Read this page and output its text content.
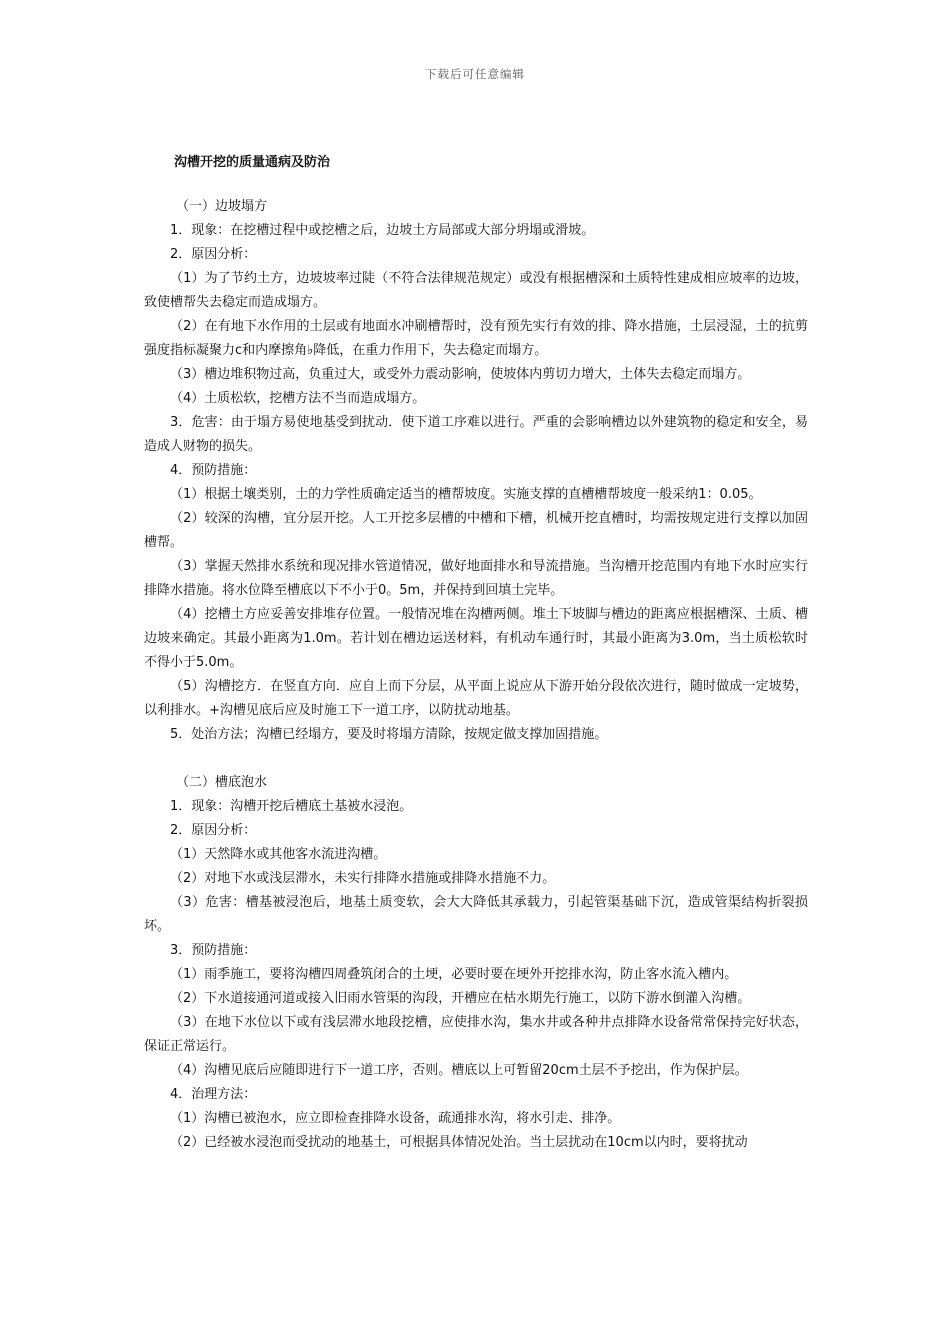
下载后可任意编辑
沟槽开挖的质量通病及防治

（一）边坡塌方

1．现象：在挖槽过程中或挖槽之后，边坡土方局部或大部分坍塌或滑坡。

2．原因分析：

（1）为了节约土方，边坡坡率过陡（不符合法律规范规定）或没有根据槽深和土质特性建成相应坡率的边坡，致使槽帮失去稳定而造成塌方。

（2）在有地下水作用的土层或有地面水冲刷槽帮时，没有预先实行有效的排、降水措施，土层浸湿，土的抗剪强度指标凝聚力c和内摩擦角♭降低，在重力作用下，失去稳定而塌方。

（3）槽边堆积物过高，负重过大，或受外力震动影响，使坡体内剪切力增大，土体失去稳定而塌方。

（4）土质松软，挖槽方法不当而造成塌方。

3．危害：由于塌方易使地基受到扰动．使下道工序难以进行。严重的会影响槽边以外建筑物的稳定和安全，易造成人财物的损失。

4．预防措施：

（1）根据土壤类别，土的力学性质确定适当的槽帮坡度。实施支撑的直槽槽帮坡度一般采纳1：0.05。

（2）较深的沟槽，宜分层开挖。人工开挖多层槽的中槽和下槽，机械开挖直槽时，均需按规定进行支撑以加固槽帮。

（3）掌握天然排水系统和现况排水管道情况，做好地面排水和导流措施。当沟槽开挖范围内有地下水时应实行排降水措施。将水位降至槽底以下不小于0。5m，并保持到回填土完毕。

（4）挖槽土方应妥善安排堆存位置。一般情况堆在沟槽两侧。堆土下坡脚与槽边的距离应根据槽深、土质、槽边坡来确定。其最小距离为1.0m。若计划在槽边运送材料，有机动车通行时，其最小距离为3.0m，当土质松软时不得小于5.0m。

（5）沟槽挖方．在竖直方向．应自上而下分层，从平面上说应从下游开始分段依次进行，随时做成一定坡势，以利排水。+沟槽见底后应及时施工下一道工序，以防扰动地基。

5．处治方法；沟槽已经塌方，要及时将塌方清除，按规定做支撑加固措施。

（二）槽底泡水

1．现象：沟槽开挖后槽底土基被水浸泡。

2．原因分析：

（1）天然降水或其他客水流进沟槽。

（2）对地下水或浅层滞水，未实行排降水措施或排降水措施不力。

（3）危害：槽基被浸泡后，地基土质变软，会大大降低其承载力，引起管渠基础下沉，造成管渠结构折裂损坏。

3．预防措施：

（1）雨季施工，要将沟槽四周叠筑闭合的土埂，必要时要在埂外开挖排水沟，防止客水流入槽内。

（2）下水道接通河道或接入旧雨水管渠的沟段，开槽应在枯水期先行施工，以防下游水倒灌入沟槽。

（3）在地下水位以下或有浅层滞水地段挖槽，应使排水沟，集水井或各种井点排降水设备常常保持完好状态，保证正常运行。

（4）沟槽见底后应随即进行下一道工序，否则。槽底以上可暂留20cm土层不予挖出，作为保护层。

4．治理方法：

（1）沟槽已被泡水，应立即检查排降水设备，疏通排水沟，将水引走、排净。

（2）已经被水浸泡而受扰动的地基土，可根据具体情况处治。当土层扰动在10cm以内时，要将扰动
